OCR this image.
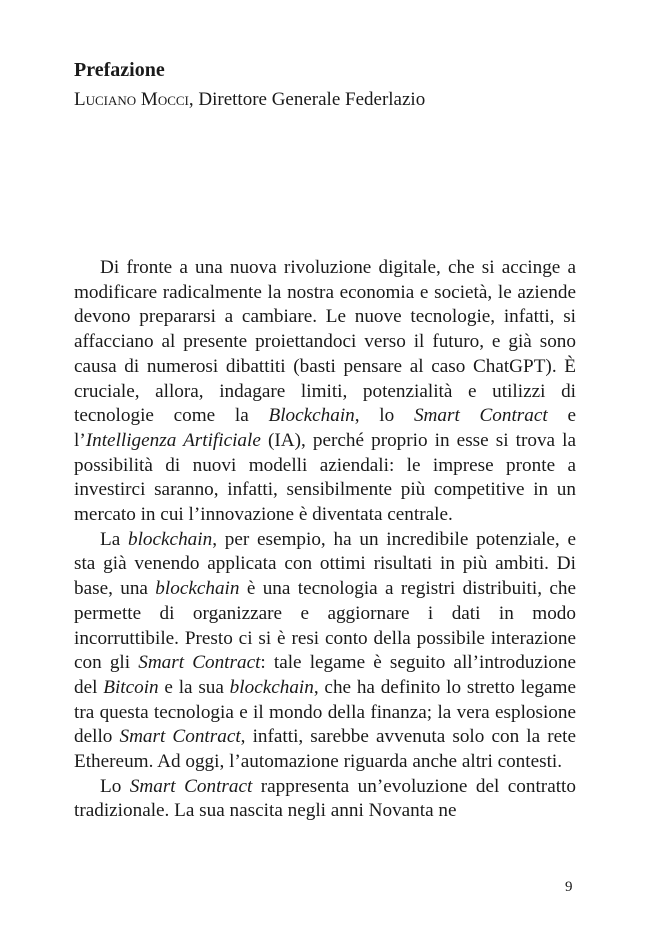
Prefazione
Luciano Mocci, Direttore Generale Federlazio

Di fronte a una nuova rivoluzione digitale, che si accinge a modificare radicalmente la nostra economia e società, le aziende devono prepararsi a cambiare. Le nuove tecnologie, infatti, si affacciano al presente proiettandoci verso il futuro, e già sono causa di numerosi dibattiti (basti pensare al caso ChatGPT). È cruciale, allora, indagare limiti, potenzialità e utilizzi di tecnologie come la Blockchain, lo Smart Contract e l’Intelligenza Artificiale (IA), perché proprio in esse si trova la possibilità di nuovi modelli aziendali: le imprese pronte a investirci saranno, infatti, sensibilmente più competitive in un mercato in cui l’innovazione è diventata centrale.

La blockchain, per esempio, ha un incredibile potenziale, e sta già venendo applicata con ottimi risultati in più ambiti. Di base, una blockchain è una tecnologia a registri distribuiti, che permette di organizzare e aggiornare i dati in modo incorruttibile. Presto ci si è resi conto della possibile interazione con gli Smart Contract: tale legame è seguito all’introduzione del Bitcoin e la sua blockchain, che ha definito lo stretto legame tra questa tecnologia e il mondo della finanza; la vera esplosione dello Smart Contract, infatti, sarebbe avvenuta solo con la rete Ethereum. Ad oggi, l’automazione riguarda anche altri contesti.

Lo Smart Contract rappresenta un’evoluzione del contratto tradizionale. La sua nascita negli anni Novanta ne

9
